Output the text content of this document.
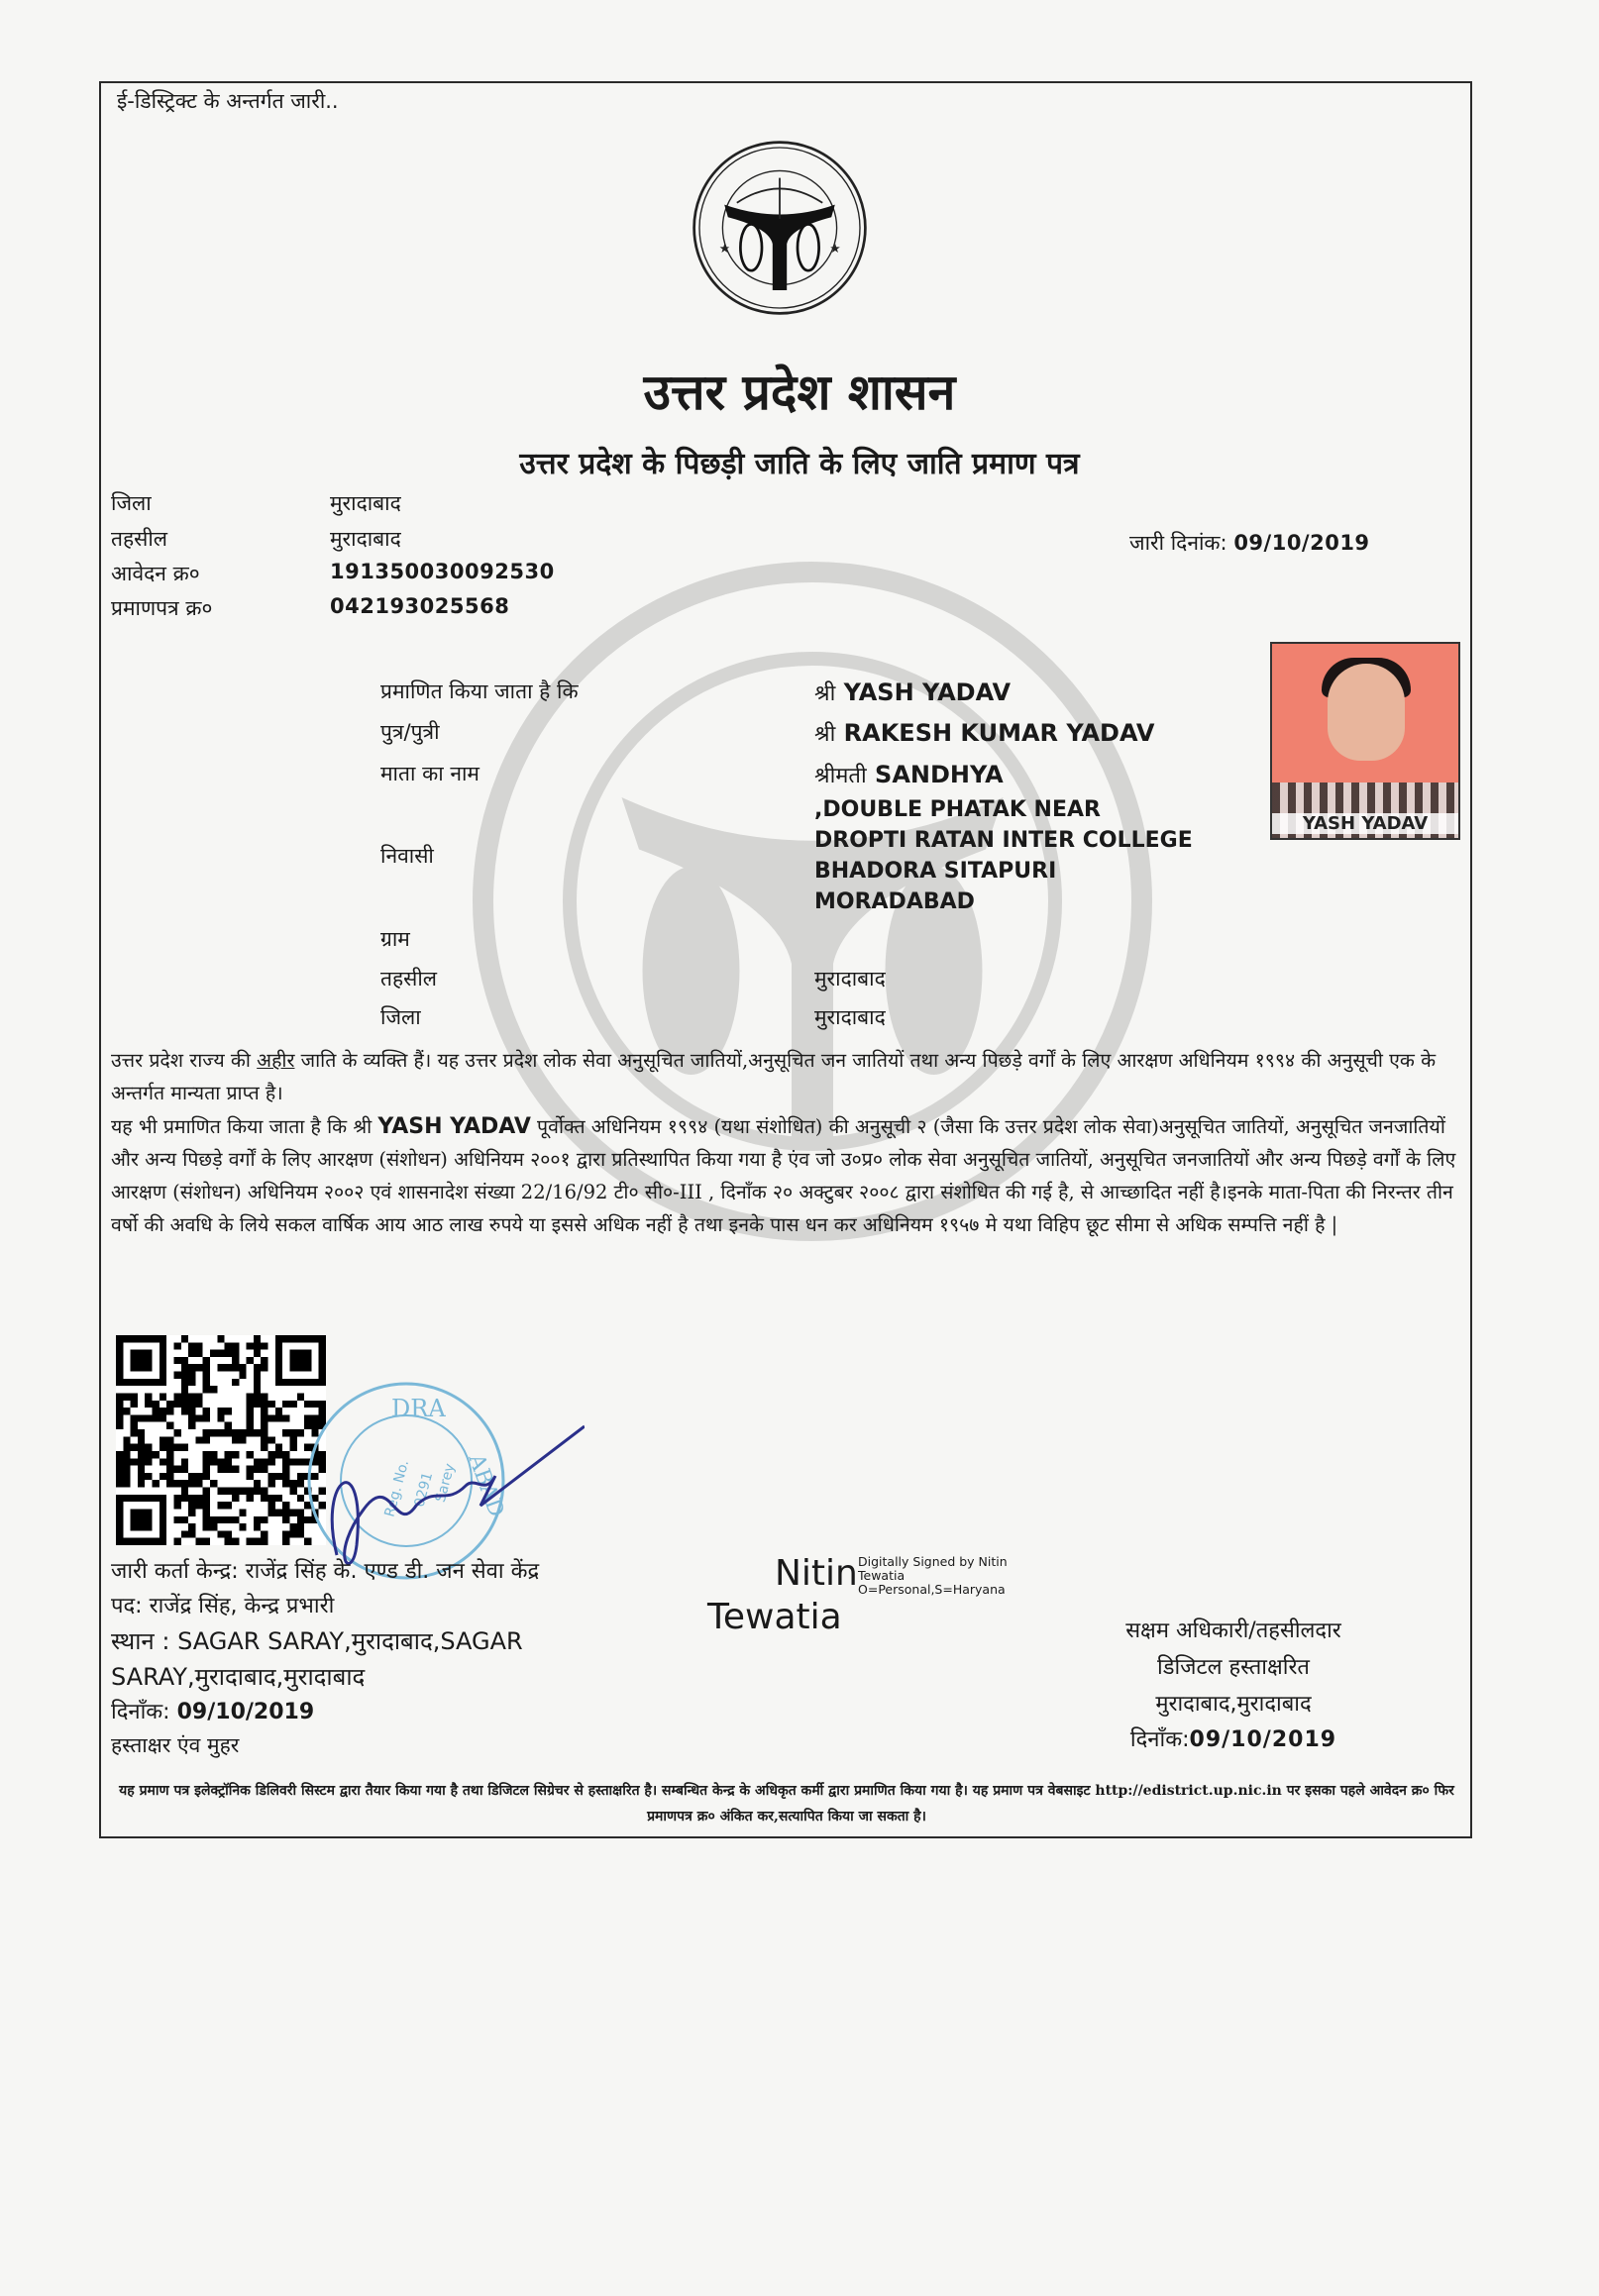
ई-डिस्ट्रिक्ट के अन्तर्गत जारी..
★	★
उत्तर प्रदेश शासन
उत्तर प्रदेश के पिछड़ी जाति के लिए जाति प्रमाण पत्र
जिला	मुरादाबाद
तहसील	मुरादाबाद
आवेदन क्र०	191350030092530
प्रमाणपत्र क्र०	042193025568
जारी दिनांक: 09/10/2019
प्रमाणित किया जाता है कि	श्री YASH YADAV
पुत्र/पुत्री	श्री RAKESH KUMAR YADAV
माता का नाम	श्रीमती SANDHYA
निवासी
,DOUBLE PHATAK NEAR
DROPTI RATAN INTER COLLEGE
BHADORA SITAPURI
MORADABAD
ग्राम
तहसील	मुरादाबाद
जिला	मुरादाबाद
YASH YADAV
उत्तर प्रदेश राज्य की अहीर जाति के व्यक्ति हैं। यह उत्तर प्रदेश लोक सेवा अनुसूचित जातियों,अनुसूचित जन जातियों तथा अन्य पिछड़े वर्गों के लिए आरक्षण अधिनियम १९९४ की अनुसूची एक के अन्तर्गत मान्यता प्राप्त है।
यह भी प्रमाणित किया जाता है कि श्री YASH YADAV पूर्वोक्त अधिनियम १९९४ (यथा संशोधित) की अनुसूची २ (जैसा कि उत्तर प्रदेश लोक सेवा)अनुसूचित जातियों, अनुसूचित जनजातियों और अन्य पिछड़े वर्गों के लिए आरक्षण (संशोधन) अधिनियम २००१ द्वारा प्रतिस्थापित किया गया है एंव जो उ०प्र० लोक सेवा अनुसूचित जातियों, अनुसूचित जनजातियों और अन्य पिछड़े वर्गों के लिए आरक्षण (संशोधन) अधिनियम २००२ एवं शासनादेश संख्या 22/16/92 टी० सी०-III , दिनाँक २० अक्टुबर २००८ द्वारा संशोधित की गई है, से आच्छादित नहीं है।इनके माता-पिता की निरन्तर तीन वर्षो की अवधि के लिये सकल वार्षिक आय आठ लाख रुपये या इससे अधिक नहीं है तथा इनके पास धन कर अधिनियम १९५७ मे यथा विहिप छूट सीमा से अधिक सम्पत्ति नहीं है |
DRA
ABAD
Reg. No. 0291
Sarey
जारी कर्ता केन्द्र: राजेंद्र सिंह के. एण्ड डी. जन सेवा केंद्र
पद: राजेंद्र सिंह, केन्द्र प्रभारी
स्थान : SAGAR SARAY,मुरादाबाद,SAGAR
SARAY,मुरादाबाद,मुरादाबाद
दिनाँक: 09/10/2019
हस्ताक्षर एंव मुहर
Nitin
Tewatia
Digitally Signed by Nitin
Tewatia
O=Personal,S=Haryana
सक्षम अधिकारी/तहसीलदार
डिजिटल हस्ताक्षरित
मुरादाबाद,मुरादाबाद
दिनाँक:09/10/2019
यह प्रमाण पत्र इलेक्ट्रॉनिक डिलिवरी सिस्टम द्वारा तैयार किया गया है तथा डिजिटल सिग्रेचर से हस्ताक्षरित है। सम्बन्धित केन्द्र के अधिकृत कर्मी द्वारा प्रमाणित किया गया है। यह प्रमाण पत्र वेबसाइट http://edistrict.up.nic.in पर इसका पहले आवेदन क्र० फिर प्रमाणपत्र क्र० अंकित कर,सत्यापित किया जा सकता है।
